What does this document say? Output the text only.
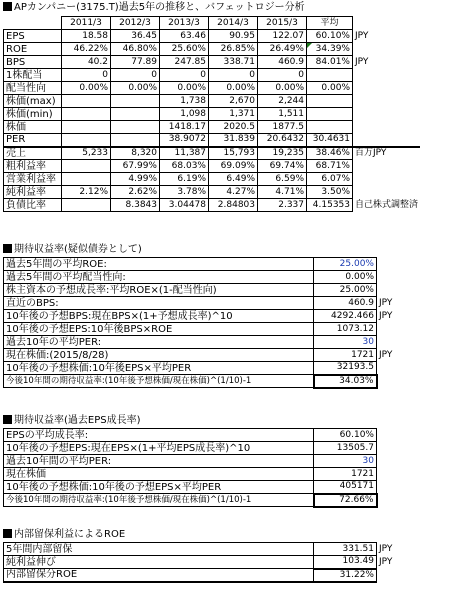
APカンパニー(3175.T)過去5年の推移と、バフェットロジー分析
	2011/3	2012/3	2013/3	2014/3	2015/3	平均	
EPS	18.58	36.45	63.46	90.95	122.07	60.10%	JPY
ROE	46.22%	46.80%	25.60%	26.85%	26.49%	34.39%	
BPS	40.2	77.89	247.85	338.71	460.9	84.01%	JPY
1株配当	0	0	0	0	0		
配当性向	0.00%	0.00%	0.00%	0.00%	0.00%	0.00%	
株価(max)			1,738	2,670	2,244		
株価(min)			1,098	1,371	1,511		
株価			1418.17	2020.5	1877.5		
PER			38.9072	31.839	20.6432	30.4631	
売上	5,233	8,320	11,387	15,793	19,235	38.46%	百万JPY
粗利益率		67.99%	68.03%	69.09%	69.74%	68.71%	
営業利益率		4.99%	6.19%	6.49%	6.59%	6.07%	
純利益率	2.12%	2.62%	3.78%	4.27%	4.71%	3.50%	
負債比率		8.3843	3.04478	2.84803	2.337	4.15353	自己株式調整済
期待収益率(疑似債券として)
過去5年間の平均ROE:	25.00%	
過去5年間の平均配当性向:	0.00%	
株主資本の予想成長率:平均ROE×(1-配当性向)	25.00%	
直近のBPS:	460.9	JPY
10年後の予想BPS:現在BPS×(1+予想成長率)^10	4292.466	JPY
10年後の予想EPS:10年後BPS×ROE	1073.12	
過去10年の平均PER:	30	
現在株価:(2015/8/28)	1721	JPY
10年後の予想株価:10年後EPS×平均PER	32193.5	
今後10年間の期待収益率:(10年後予想株価/現在株価)^(1/10)-1	34.03%	
期待収益率(過去EPS成長率)
EPSの平均成長率:	60.10%	
10年後の予想EPS:現在EPS×(1+平均EPS成長率)^10	13505.7	
過去10年間の平均PER:	30	
現在株価	1721	
10年後の予想株価:10年後の予想EPS×平均PER	405171	
今後10年間の期待収益率:(10年後予想株価/現在株価)^(1/10)-1	72.66%	
内部留保利益によるROE
5年間内部留保	331.51	JPY
純利益伸び	103.49	JPY
内部留保分ROE	31.22%	
